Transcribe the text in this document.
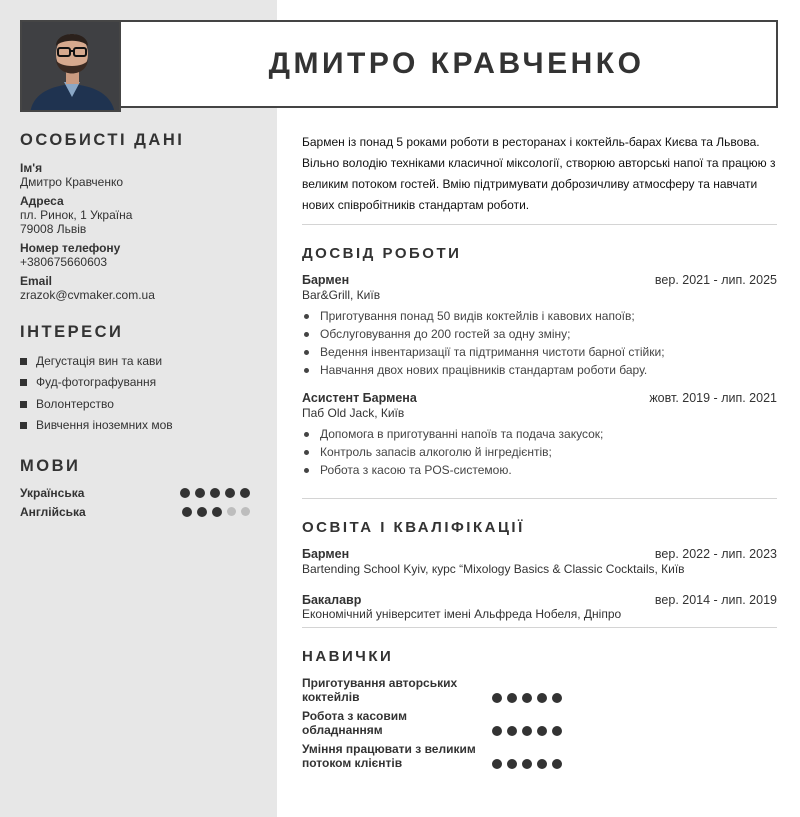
ДМИТРО КРАВЧЕНКО
ОСОБИСТІ ДАНІ
Ім'я
Дмитро Кравченко
Адреса
пл. Ринок, 1 Україна
79008 Львів
Номер телефону
+380675660603
Email
zrazok@cvmaker.com.ua
ІНТЕРЕСИ
Дегустація вин та кави
Фуд-фотографування
Волонтерство
Вивчення іноземних мов
МОВИ
Українська
Англійська
Бармен із понад 5 роками роботи в ресторанах і коктейль-барах Києва та Львова. Вільно володію техніками класичної міксології, створюю авторські напої та працюю з великим потоком гостей. Вмію підтримувати доброзичливу атмосферу та навчати нових співробітників стандартам роботи.
ДОСВІД РОБОТИ
Бармен	вер. 2021 - лип. 2025
Bar&Grill, Київ
Приготування понад 50 видів коктейлів і кавових напоїв;
Обслуговування до 200 гостей за одну зміну;
Ведення інвентаризації та підтримання чистоти барної стійки;
Навчання двох нових працівників стандартам роботи бару.
Асистент Бармена	жовт. 2019 - лип. 2021
Паб Old Jack, Київ
Допомога в приготуванні напоїв та подача закусок;
Контроль запасів алкоголю й інгредієнтів;
Робота з касою та POS-системою.
ОСВІТА І КВАЛІФІКАЦІЇ
Бармен	вер. 2022 - лип. 2023
Bartending School Kyiv, курс “Mixology Basics & Classic Cocktails, Київ
Бакалавр	вер. 2014 - лип. 2019
Економічний університет імені Альфреда Нобеля, Дніпро
НАВИЧКИ
Приготування авторських коктейлів
Робота з касовим обладнанням
Уміння працювати з великим потоком клієнтів
